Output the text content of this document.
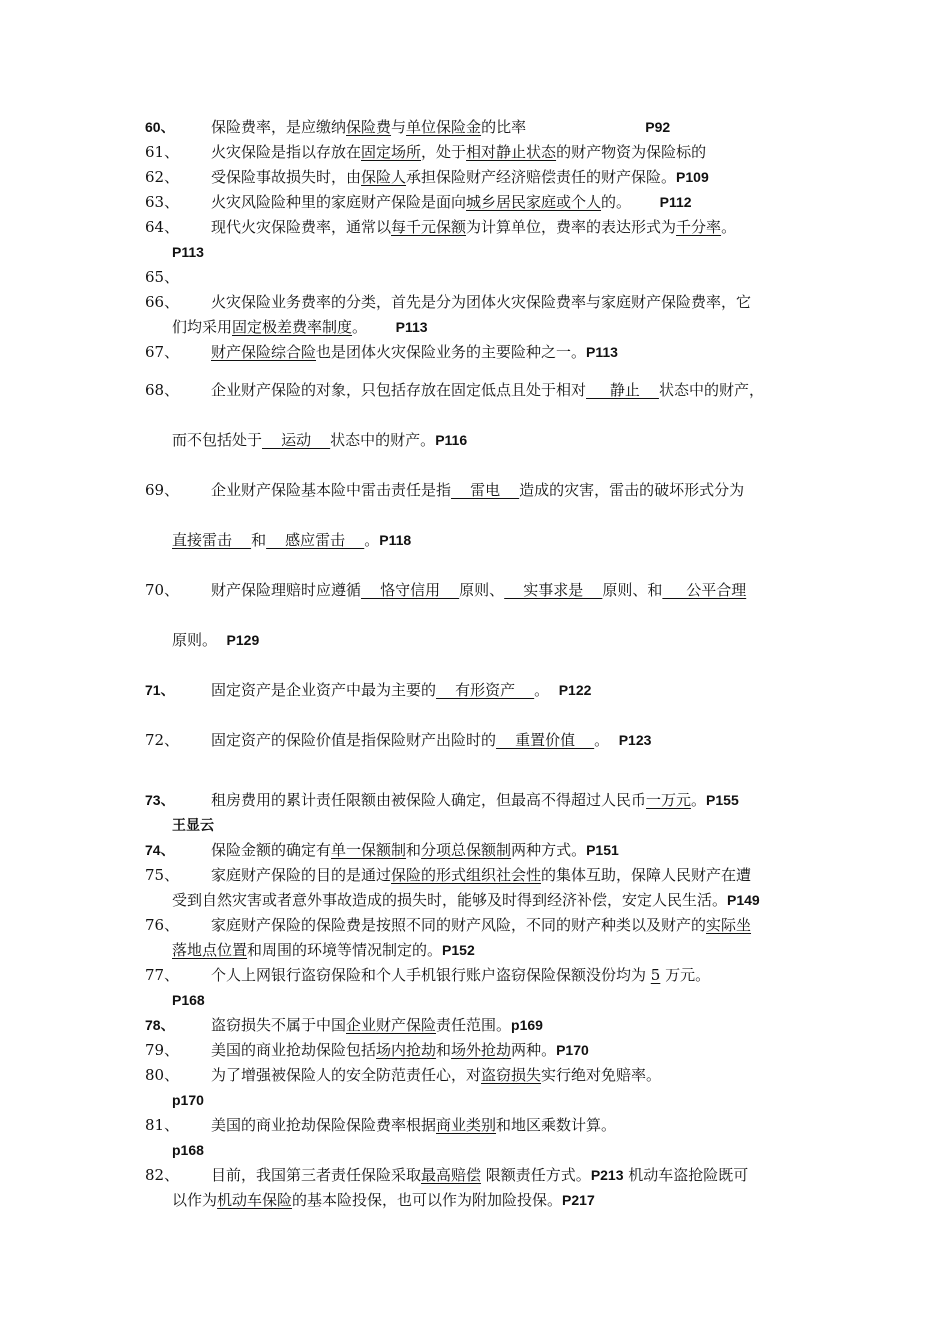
60、 保险费率，是应缴纳保险费与单位保险金的比率	P92
61、 火灾保险是指以存放在固定场所，处于相对静止状态的财产物资为保险标的
62、 受保险事故损失时，由保险人承担保险财产经济赔偿责任的财产保险。P109
63、 火灾风险险种里的家庭财产保险是面向城乡居民家庭或个人的。      P112
64、 现代火灾保险费率，通常以每千元保额为计算单位，费率的表达形式为千分率。
P113
65、
66、 火灾保险业务费率的分类，首先是分为团体火灾保险费率与家庭财产保险费率，它
们均采用固定极差费率制度。      P113
67、 财产保险综合险也是团体火灾保险业务的主要险种之一。P113
68、 企业财产保险的对象，只包括存放在固定低点且处于相对     静止    状态中的财产，
而不包括处于    运动    状态中的财产。P116
69、 企业财产保险基本险中雷击责任是指    雷电    造成的灾害，雷击的破坏形式分为
直接雷击    和    感应雷击    。P118
70、 财产保险理赔时应遵循    恪守信用    原则、    实事求是    原则、和     公平合理
原则。  P129
71、 固定资产是企业资产中最为主要的    有形资产    。  P122
72、 固定资产的保险价值是指保险财产出险时的    重置价值    。  P123
73、 租房费用的累计责任限额由被保险人确定，但最高不得超过人民币一万元。P155
王显云
74、 保险金额的确定有单一保额制和分项总保额制两种方式。P151
75、 家庭财产保险的目的是通过保险的形式组织社会性的集体互助，保障人民财产在遭
受到自然灾害或者意外事故造成的损失时，能够及时得到经济补偿，安定人民生活。P149
76、 家庭财产保险的保险费是按照不同的财产风险，不同的财产种类以及财产的实际坐
落地点位置和周围的环境等情况制定的。P152
77、 个人上网银行盗窃保险和个人手机银行账户盗窃保险保额没份均为 5 万元。
P168
78、 盗窃损失不属于中国企业财产保险责任范围。p169
79、 美国的商业抢劫保险包括场内抢劫和场外抢劫两种。P170
80、 为了增强被保险人的安全防范责任心，对盗窃损失实行绝对免赔率。
p170
81、 美国的商业抢劫保险保险费率根据商业类别和地区乘数计算。
p168
82、 目前，我国第三者责任保险采取最高赔偿 限额责任方式。P213 机动车盗抢险既可
以作为机动车保险的基本险投保，也可以作为附加险投保。P217
